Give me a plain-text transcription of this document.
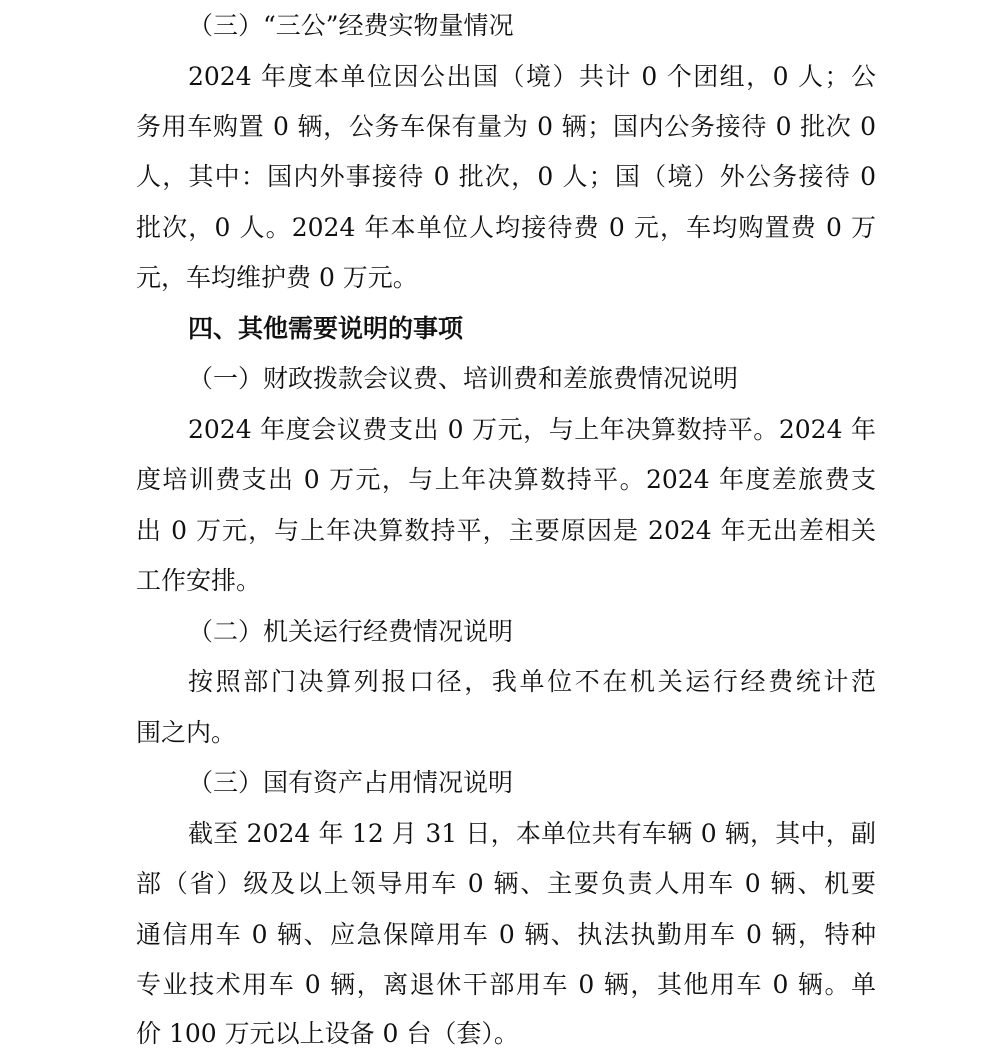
（三）“三公”经费实物量情况
2024 年度本单位因公出国（境）共计 0 个团组，0 人；公
务用车购置 0 辆，公务车保有量为 0 辆；国内公务接待 0 批次 0
人，其中：国内外事接待 0 批次，0 人；国（境）外公务接待 0
批次，0 人。2024 年本单位人均接待费 0 元，车均购置费 0 万
元，车均维护费 0 万元。
四、其他需要说明的事项
（一）财政拨款会议费、培训费和差旅费情况说明
2024 年度会议费支出 0 万元，与上年决算数持平。2024 年
度培训费支出 0 万元，与上年决算数持平。2024 年度差旅费支
出 0 万元，与上年决算数持平，主要原因是 2024 年无出差相关
工作安排。
（二）机关运行经费情况说明
按照部门决算列报口径，我单位不在机关运行经费统计范
围之内。
（三）国有资产占用情况说明
截至 2024 年 12 月 31 日，本单位共有车辆 0 辆，其中，副
部（省）级及以上领导用车 0 辆、主要负责人用车 0 辆、机要
通信用车 0 辆、应急保障用车 0 辆、执法执勤用车 0 辆，特种
专业技术用车 0 辆，离退休干部用车 0 辆，其他用车 0 辆。单
价 100 万元以上设备 0 台（套）。
